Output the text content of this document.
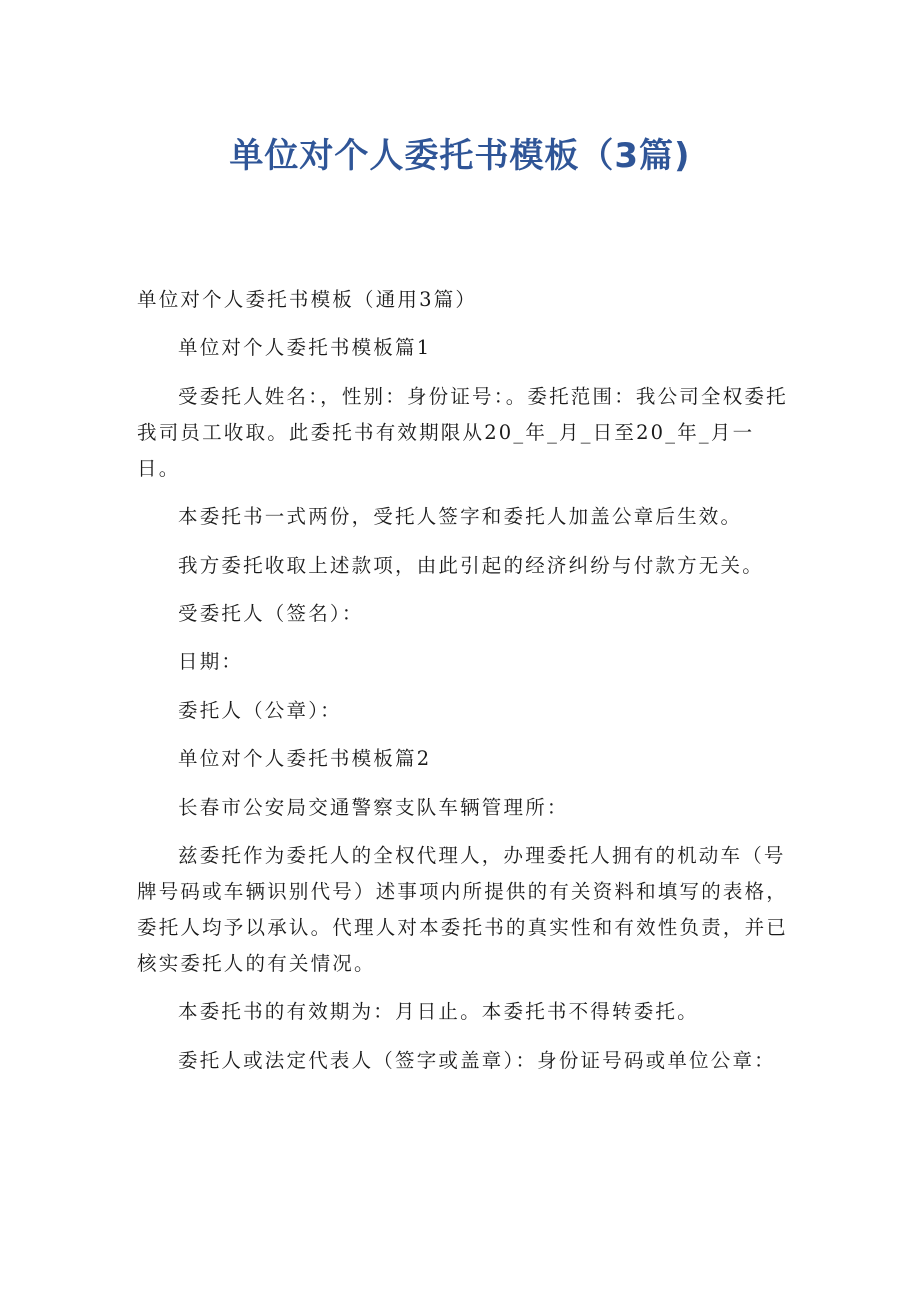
单位对个人委托书模板（3篇)

单位对个人委托书模板（通用3篇）

单位对个人委托书模板篇1

受委托人姓名：，性别：身份证号：。委托范围：我公司全权委托我司员工收取。此委托书有效期限从20_年_月_日至20_年_月一日。

本委托书一式两份，受托人签字和委托人加盖公章后生效。

我方委托收取上述款项，由此引起的经济纠纷与付款方无关。

受委托人（签名）：

日期：

委托人（公章）：

单位对个人委托书模板篇2

长春市公安局交通警察支队车辆管理所：

兹委托作为委托人的全权代理人，办理委托人拥有的机动车（号牌号码或车辆识别代号）述事项内所提供的有关资料和填写的表格，委托人均予以承认。代理人对本委托书的真实性和有效性负责，并已核实委托人的有关情况。

本委托书的有效期为：月日止。本委托书不得转委托。

委托人或法定代表人（签字或盖章）：身份证号码或单位公章：
